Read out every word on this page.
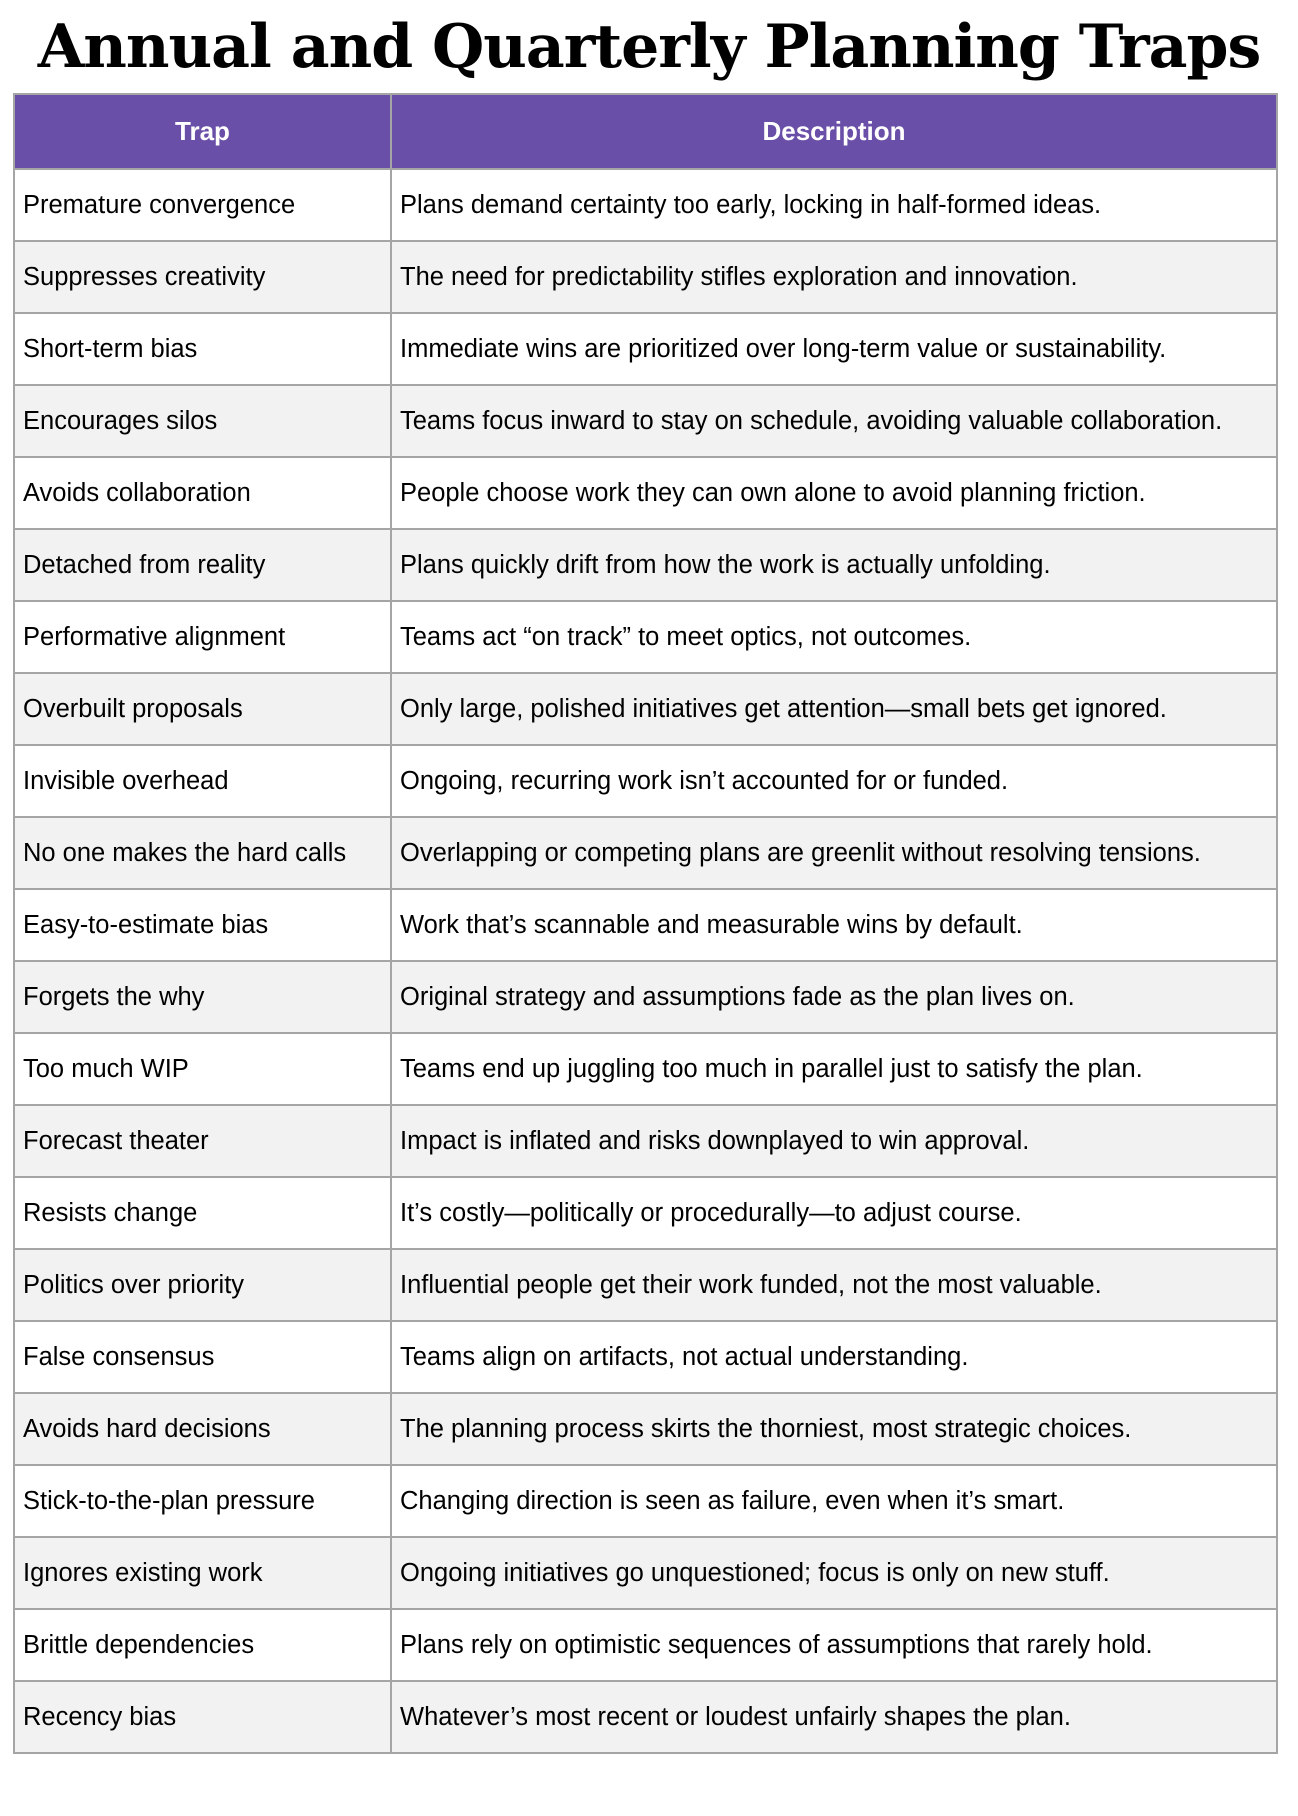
Annual and Quarterly Planning Traps
Trap	Description
Premature convergence	Plans demand certainty too early, locking in half-formed ideas.
Suppresses creativity	The need for predictability stifles exploration and innovation.
Short-term bias	Immediate wins are prioritized over long-term value or sustainability.
Encourages silos	Teams focus inward to stay on schedule, avoiding valuable collaboration.
Avoids collaboration	People choose work they can own alone to avoid planning friction.
Detached from reality	Plans quickly drift from how the work is actually unfolding.
Performative alignment	Teams act “on track” to meet optics, not outcomes.
Overbuilt proposals	Only large, polished initiatives get attention—small bets get ignored.
Invisible overhead	Ongoing, recurring work isn’t accounted for or funded.
No one makes the hard calls	Overlapping or competing plans are greenlit without resolving tensions.
Easy-to-estimate bias	Work that’s scannable and measurable wins by default.
Forgets the why	Original strategy and assumptions fade as the plan lives on.
Too much WIP	Teams end up juggling too much in parallel just to satisfy the plan.
Forecast theater	Impact is inflated and risks downplayed to win approval.
Resists change	It’s costly—politically or procedurally—to adjust course.
Politics over priority	Influential people get their work funded, not the most valuable.
False consensus	Teams align on artifacts, not actual understanding.
Avoids hard decisions	The planning process skirts the thorniest, most strategic choices.
Stick-to-the-plan pressure	Changing direction is seen as failure, even when it’s smart.
Ignores existing work	Ongoing initiatives go unquestioned; focus is only on new stuff.
Brittle dependencies	Plans rely on optimistic sequences of assumptions that rarely hold.
Recency bias	Whatever’s most recent or loudest unfairly shapes the plan.
